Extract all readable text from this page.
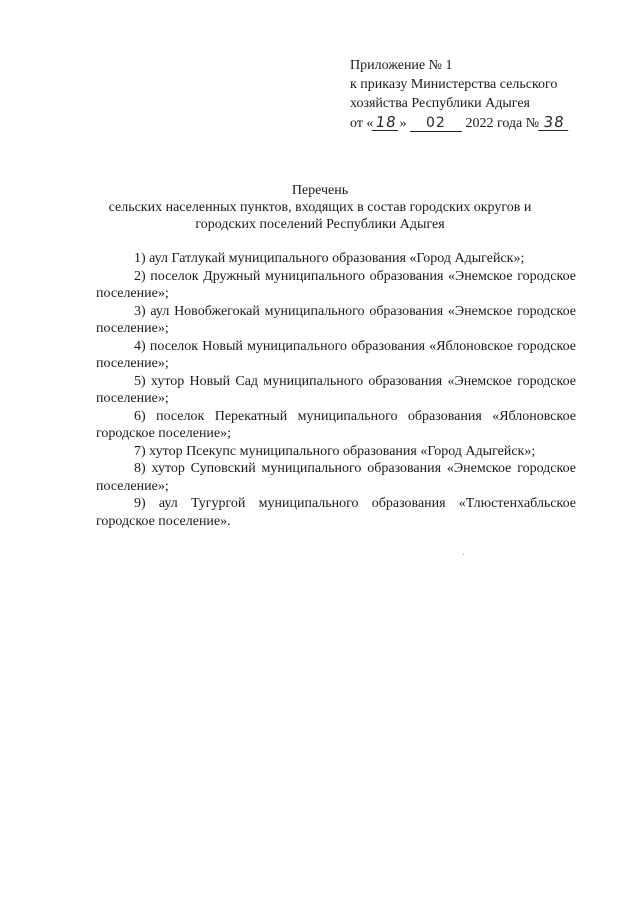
Приложение № 1
к приказу Министерства сельского
хозяйства Республики Адыгея
от «18» 02 2022 года № 38
Перечень
сельских населенных пунктов, входящих в состав городских округов и
городских поселений Республики Адыгея

1) аул Гатлукай муниципального образования «Город Адыгейск»;

2) поселок Дружный муниципального образования «Энемское городское поселение»;

3) аул Новобжегокай муниципального образования «Энемское городское поселение»;

4) поселок Новый муниципального образования «Яблоновское городское поселение»;

5) хутор Новый Сад муниципального образования «Энемское городское поселение»;

6) поселок Перекатный муниципального образования «Яблоновское городское поселение»;

7) хутор Псекупс муниципального образования «Город Адыгейск»;

8) хутор Суповский муниципального образования «Энемское городское поселение»;

9) аул Тугургой муниципального образования «Тлюстенхабльское городское поселение».
